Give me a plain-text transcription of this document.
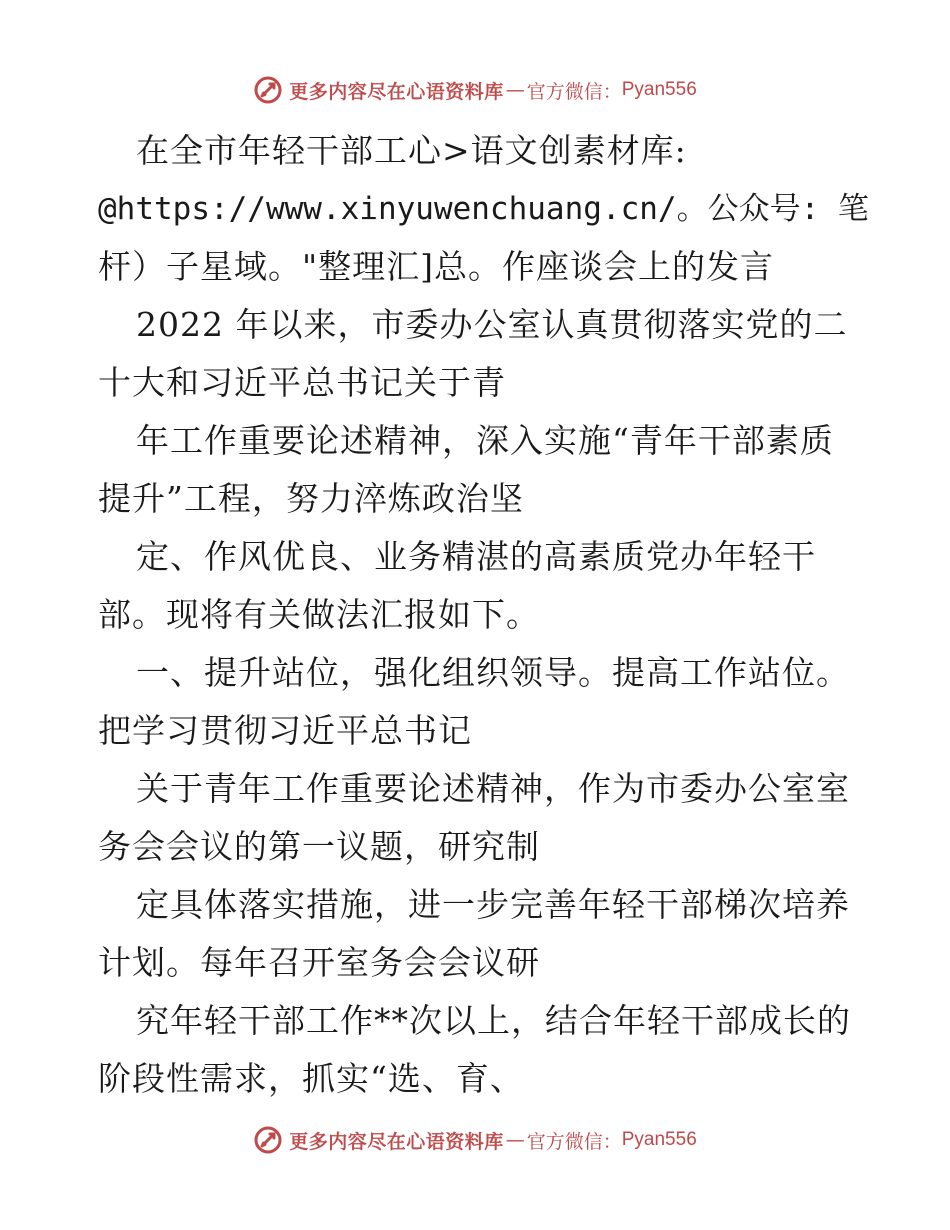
更多内容尽在心语资料库 — 官方微信： Pyan556
在全市年轻干部工心>语文创素材库:
@https://www.xinyuwenchuang.cn/。公众号: 笔
杆）子星域。"整理汇]总。作座谈会上的发言
2022 年以来，市委办公室认真贯彻落实党的二
十大和习近平总书记关于青
年工作重要论述精神，深入实施“青年干部素质
提升”工程，努力淬炼政治坚
定、作风优良、业务精湛的高素质党办年轻干
部。现将有关做法汇报如下。
一、提升站位，强化组织领导。提高工作站位。
把学习贯彻习近平总书记
关于青年工作重要论述精神，作为市委办公室室
务会会议的第一议题，研究制
定具体落实措施，进一步完善年轻干部梯次培养
计划。每年召开室务会会议研
究年轻干部工作**次以上，结合年轻干部成长的
阶段性需求，抓实“选、育、
更多内容尽在心语资料库 — 官方微信： Pyan556
